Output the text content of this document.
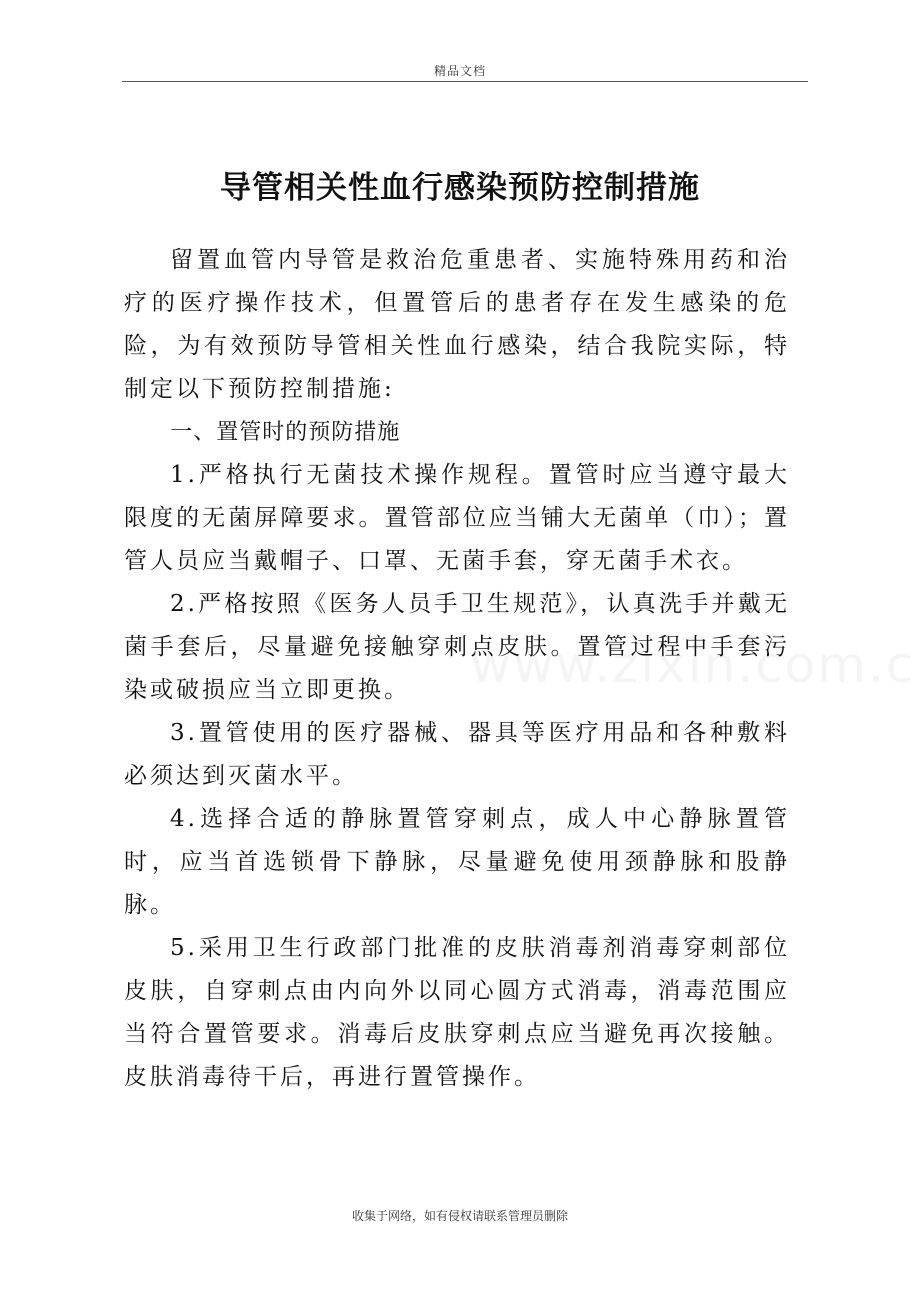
精品文档
导管相关性血行感染预防控制措施

留置血管内导管是救治危重患者、实施特殊用药和治疗的医疗操作技术，但置管后的患者存在发生感染的危险，为有效预防导管相关性血行感染，结合我院实际，特制定以下预防控制措施:

一、置管时的预防措施

1.严格执行无菌技术操作规程。置管时应当遵守最大限度的无菌屏障要求。置管部位应当铺大无菌单（巾）；置管人员应当戴帽子、口罩、无菌手套，穿无菌手术衣。

2.严格按照《医务人员手卫生规范》，认真洗手并戴无菌手套后，尽量避免接触穿刺点皮肤。置管过程中手套污染或破损应当立即更换。

3.置管使用的医疗器械、器具等医疗用品和各种敷料必须达到灭菌水平。

4.选择合适的静脉置管穿刺点，成人中心静脉置管时，应当首选锁骨下静脉，尽量避免使用颈静脉和股静脉。

5.采用卫生行政部门批准的皮肤消毒剂消毒穿刺部位皮肤，自穿刺点由内向外以同心圆方式消毒，消毒范围应当符合置管要求。消毒后皮肤穿刺点应当避免再次接触。皮肤消毒待干后，再进行置管操作。

收集于网络，如有侵权请联系管理员删除
